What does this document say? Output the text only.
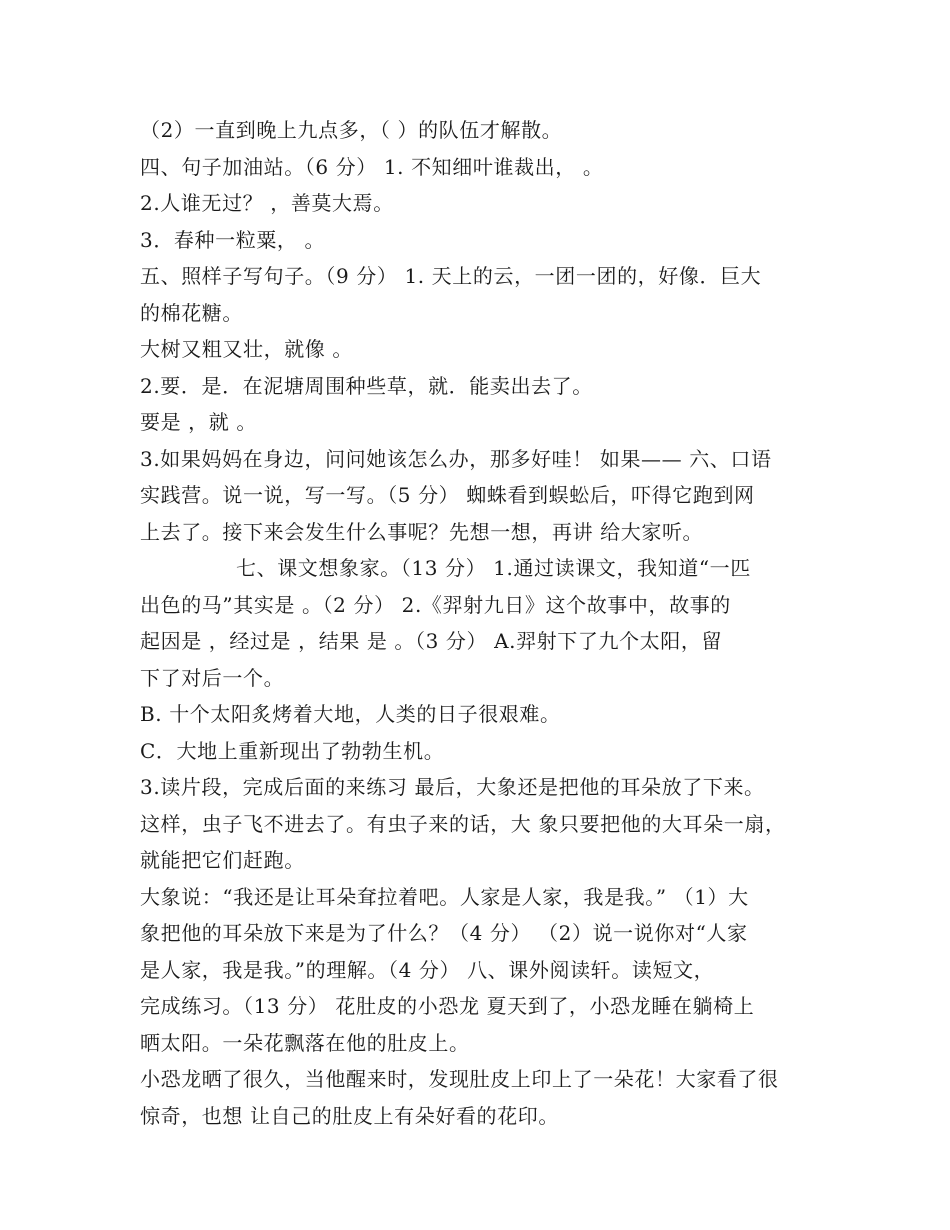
（2）一直到晚上九点多，（ ）的队伍才解散。
四、句子加油站。（6 分） 1. 不知细叶谁裁出， 。
2.人谁无过？ ，善莫大焉。
3．春种一粒粟， 。
五、照样子写句子。（9 分） 1. 天上的云，一团一团的，好像．巨大
的棉花糖。
大树又粗又壮，就像 。
2.要．是．在泥塘周围种些草，就．能卖出去了。
要是 ，就 。
3.如果妈妈在身边，问问她该怎么办，那多好哇！ 如果—— 六、口语
实践营。说一说，写一写。（5 分） 蜘蛛看到蜈蚣后，吓得它跑到网
上去了。接下来会发生什么事呢？先想一想，再讲 给大家听。
七、课文想象家。（13 分） 1.通过读课文，我知道“一匹
出色的马”其实是 。（2 分） 2.《羿射九日》这个故事中，故事的
起因是 ，经过是 ，结果 是 。（3 分） A.羿射下了九个太阳，留
下了对后一个。
B. 十个太阳炙烤着大地，人类的日子很艰难。
C．大地上重新现出了勃勃生机。
3.读片段，完成后面的来练习 最后，大象还是把他的耳朵放了下来。
这样，虫子飞不进去了。有虫子来的话，大 象只要把他的大耳朵一扇，
就能把它们赶跑。
大象说：“我还是让耳朵耷拉着吧。人家是人家，我是我。” （1）大
象把他的耳朵放下来是为了什么？（4 分） （2）说一说你对“人家
是人家，我是我。”的理解。（4 分） 八、课外阅读轩。读短文，
完成练习。（13 分） 花肚皮的小恐龙 夏天到了，小恐龙睡在躺椅上
晒太阳。一朵花飘落在他的肚皮上。
小恐龙晒了很久，当他醒来时，发现肚皮上印上了一朵花！大家看了很
惊奇，也想 让自己的肚皮上有朵好看的花印。
